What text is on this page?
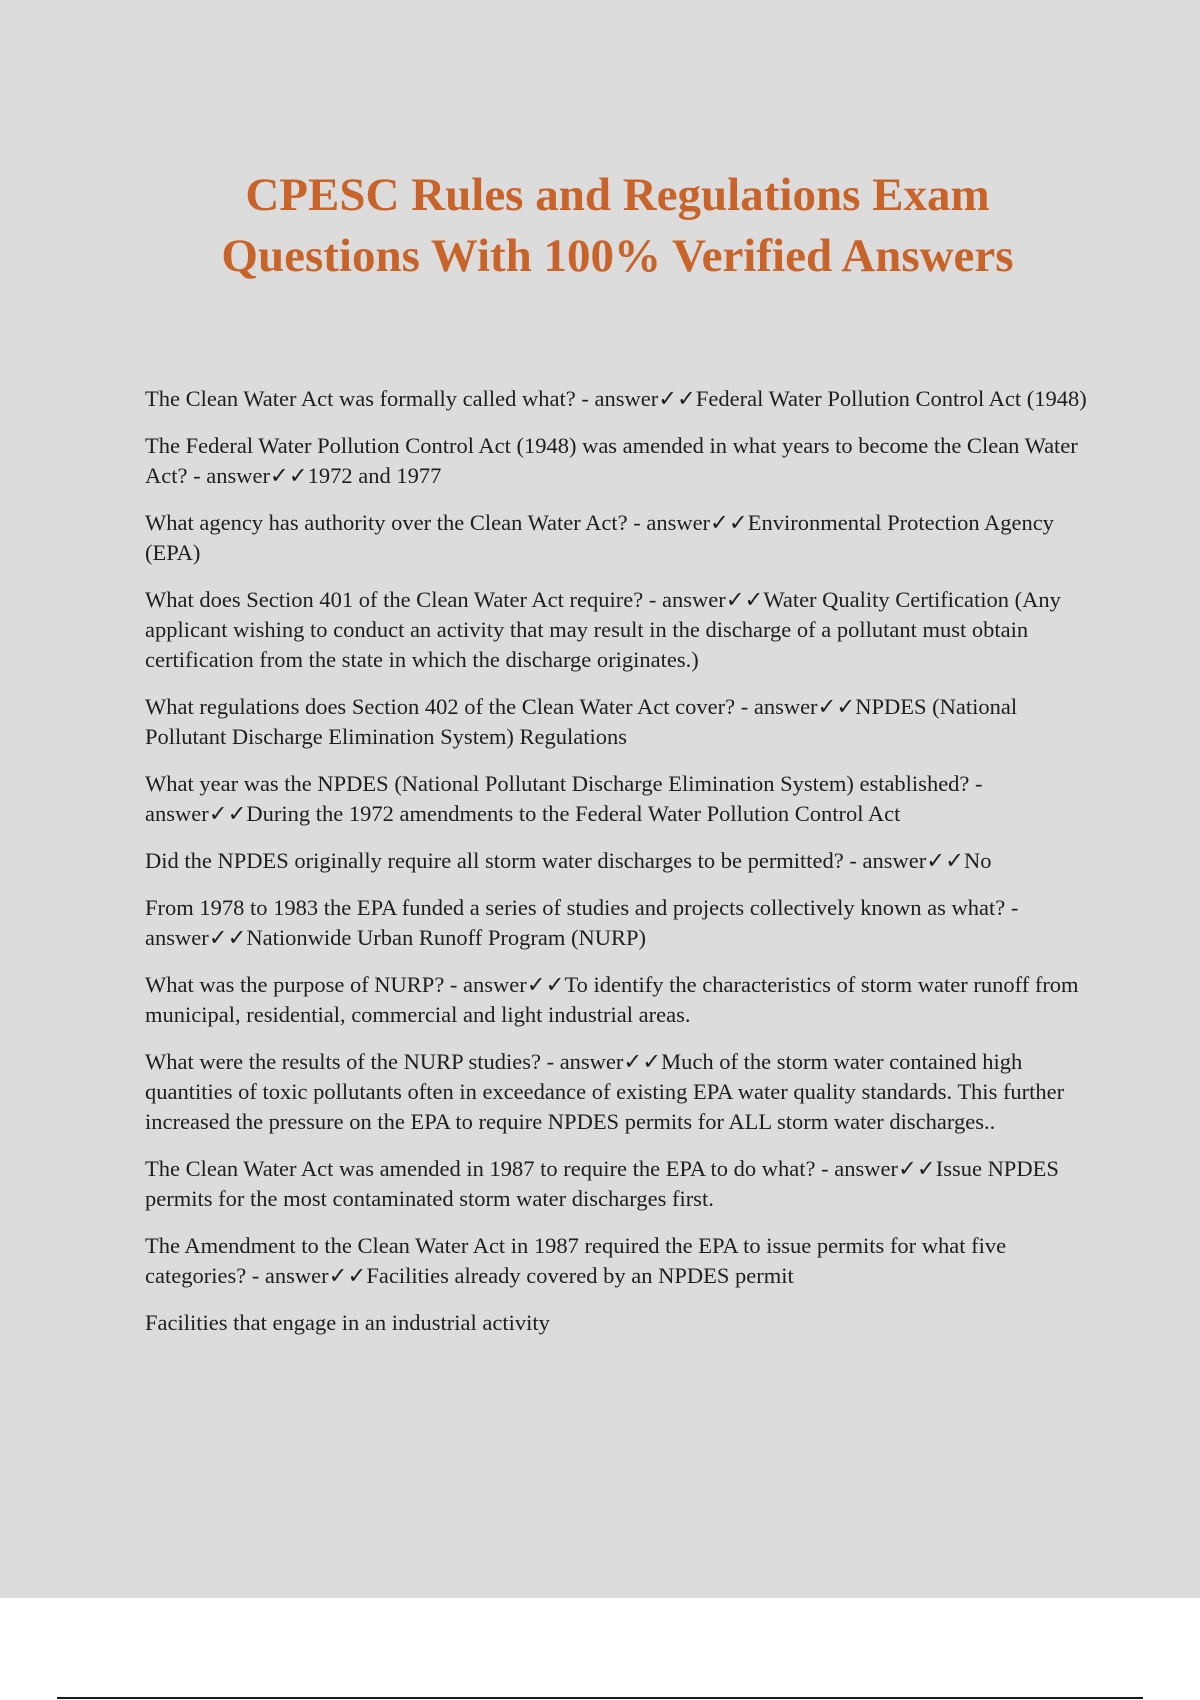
CPESC Rules and Regulations Exam
Questions With 100% Verified Answers
The Clean Water Act was formally called what? - answer✓✓Federal Water Pollution Control Act (1948)
The Federal Water Pollution Control Act (1948) was amended in what years to become the Clean Water Act? - answer✓✓1972 and 1977
What agency has authority over the Clean Water Act? - answer✓✓Environmental Protection Agency (EPA)
What does Section 401 of the Clean Water Act require? - answer✓✓Water Quality Certification (Any applicant wishing to conduct an activity that may result in the discharge of a pollutant must obtain certification from the state in which the discharge originates.)
What regulations does Section 402 of the Clean Water Act cover? - answer✓✓NPDES (National Pollutant Discharge Elimination System) Regulations
What year was the NPDES (National Pollutant Discharge Elimination System) established? - answer✓✓During the 1972 amendments to the Federal Water Pollution Control Act
Did the NPDES originally require all storm water discharges to be permitted? - answer✓✓No
From 1978 to 1983 the EPA funded a series of studies and projects collectively known as what? - answer✓✓Nationwide Urban Runoff Program (NURP)
What was the purpose of NURP? - answer✓✓To identify the characteristics of storm water runoff from municipal, residential, commercial and light industrial areas.
What were the results of the NURP studies? - answer✓✓Much of the storm water contained high quantities of toxic pollutants often in exceedance of existing EPA water quality standards. This further increased the pressure on the EPA to require NPDES permits for ALL storm water discharges..
The Clean Water Act was amended in 1987 to require the EPA to do what? - answer✓✓Issue NPDES permits for the most contaminated storm water discharges first.
The Amendment to the Clean Water Act in 1987 required the EPA to issue permits for what five categories? - answer✓✓Facilities already covered by an NPDES permit
Facilities that engage in an industrial activity
